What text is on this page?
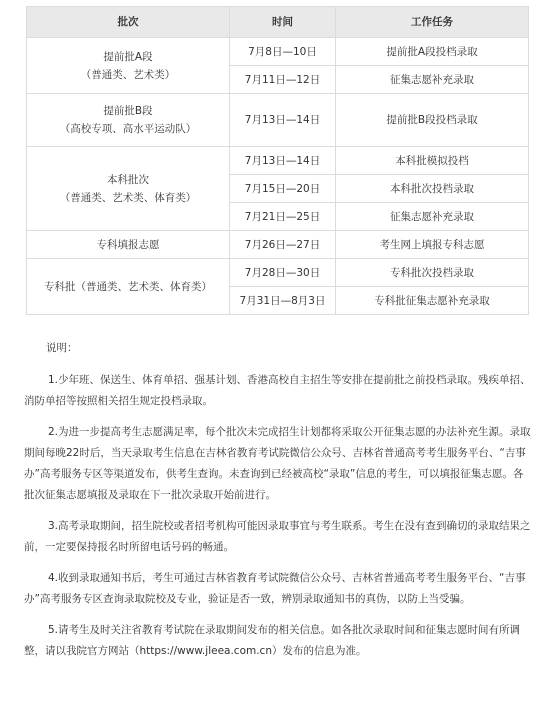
批次	时间	工作任务

提前批A段
（普通类、艺术类）	7月8日—10日	提前批A段投档录取
	7月11日—12日	征集志愿补充录取

提前批B段
（高校专项、高水平运动队）	7月13日—14日	提前批B段投档录取

本科批次
（普通类、艺术类、体育类）	7月13日—14日	本科批模拟投档
	7月15日—20日	本科批次投档录取
	7月21日—25日	征集志愿补充录取
专科填报志愿	7月26日—27日	考生网上填报专科志愿
专科批（普通类、艺术类、体育类）	7月28日—30日	专科批次投档录取
	7月31日—8月3日	专科批征集志愿补充录取

说明：

1.少年班、保送生、体育单招、强基计划、香港高校自主招生等安排在提前批之前投档录取。残疾单招、消防单招等按照相关招生规定投档录取。

2.为进一步提高考生志愿满足率，每个批次未完成招生计划都将采取公开征集志愿的办法补充生源。录取期间每晚22时后，当天录取考生信息在吉林省教育考试院微信公众号、吉林省普通高考考生服务平台、“吉事办”高考服务专区等渠道发布，供考生查询。未查询到已经被高校“录取”信息的考生，可以填报征集志愿。各批次征集志愿填报及录取在下一批次录取开始前进行。

3.高考录取期间，招生院校或者招考机构可能因录取事宜与考生联系。考生在没有查到确切的录取结果之前，一定要保持报名时所留电话号码的畅通。

4.收到录取通知书后，考生可通过吉林省教育考试院微信公众号、吉林省普通高考考生服务平台、“吉事办”高考服务专区查询录取院校及专业，验证是否一致，辨别录取通知书的真伪，以防上当受骗。

5.请考生及时关注省教育考试院在录取期间发布的相关信息。如各批次录取时间和征集志愿时间有所调整，请以我院官方网站（https://www.jleea.com.cn）发布的信息为准。
